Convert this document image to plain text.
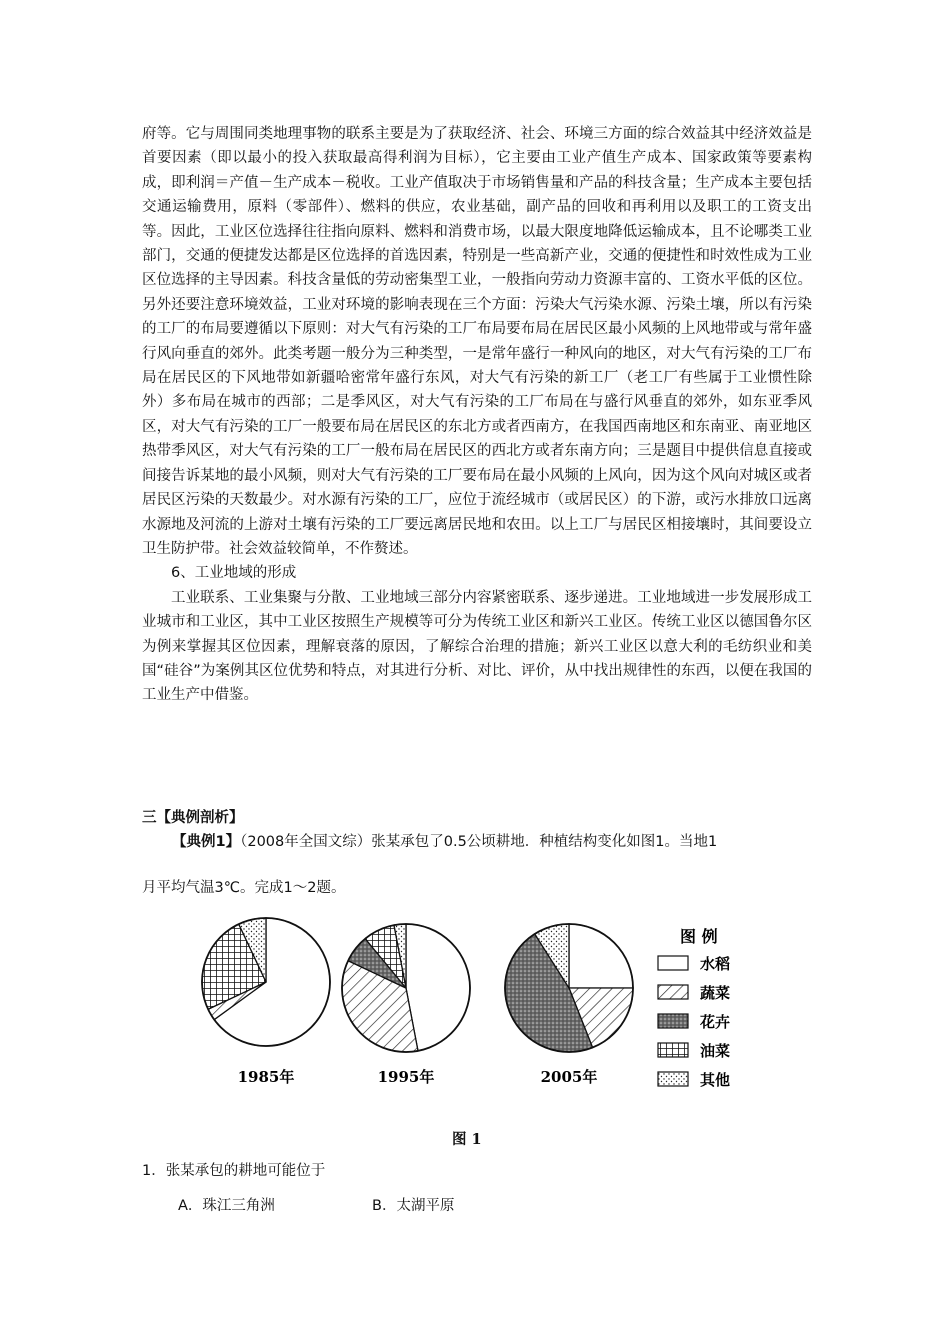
府等。它与周围同类地理事物的联系主要是为了获取经济、社会、环境三方面的综合效益其中经济效益是首要因素（即以最小的投入获取最高得利润为目标），它主要由工业产值生产成本、国家政策等要素构成，即利润＝产值－生产成本－税收。工业产值取决于市场销售量和产品的科技含量；生产成本主要包括交通运输费用，原料（零部件）、燃料的供应，农业基础，副产品的回收和再利用以及职工的工资支出等。因此，工业区位选择往往指向原料、燃料和消费市场，以最大限度地降低运输成本，且不论哪类工业部门，交通的便捷发达都是区位选择的首选因素，特别是一些高新产业，交通的便捷性和时效性成为工业区位选择的主导因素。科技含量低的劳动密集型工业，一般指向劳动力资源丰富的、工资水平低的区位。另外还要注意环境效益，工业对环境的影响表现在三个方面：污染大气污染水源、污染土壤，所以有污染的工厂的布局要遵循以下原则：对大气有污染的工厂布局要布局在居民区最小风频的上风地带或与常年盛行风向垂直的郊外。此类考题一般分为三种类型，一是常年盛行一种风向的地区，对大气有污染的工厂布局在居民区的下风地带如新疆哈密常年盛行东风，对大气有污染的新工厂（老工厂有些属于工业惯性除外）多布局在城市的西部；二是季风区，对大气有污染的工厂布局在与盛行风垂直的郊外，如东亚季风区，对大气有污染的工厂一般要布局在居民区的东北方或者西南方，在我国西南地区和东南亚、南亚地区热带季风区，对大气有污染的工厂一般布局在居民区的西北方或者东南方向；三是题目中提供信息直接或间接告诉某地的最小风频，则对大气有污染的工厂要布局在最小风频的上风向，因为这个风向对城区或者居民区污染的天数最少。对水源有污染的工厂，应位于流经城市（或居民区）的下游，或污水排放口远离水源地及河流的上游对土壤有污染的工厂要远离居民地和农田。以上工厂与居民区相接壤时，其间要设立卫生防护带。社会效益较简单，不作赘述。

6、工业地域的形成

工业联系、工业集聚与分散、工业地域三部分内容紧密联系、逐步递进。工业地域进一步发展形成工业城市和工业区，其中工业区按照生产规模等可分为传统工业区和新兴工业区。传统工业区以德国鲁尔区为例来掌握其区位因素，理解衰落的原因，了解综合治理的措施；新兴工业区以意大利的毛纺织业和美国“硅谷”为案例其区位优势和特点，对其进行分析、对比、评价，从中找出规律性的东西，以便在我国的工业生产中借鉴。

三【典例剖析】
【典例1】（2008年全国文综）张某承包了0.5公顷耕地．种植结构变化如图1。当地1
月平均气温3℃。完成1～2题。
1985年	1995年	2005年
图 例
水稻
蔬菜
花卉
油菜
其他
图 1
1．张某承包的耕地可能位于
A．珠江三角洲	B．太湖平原
